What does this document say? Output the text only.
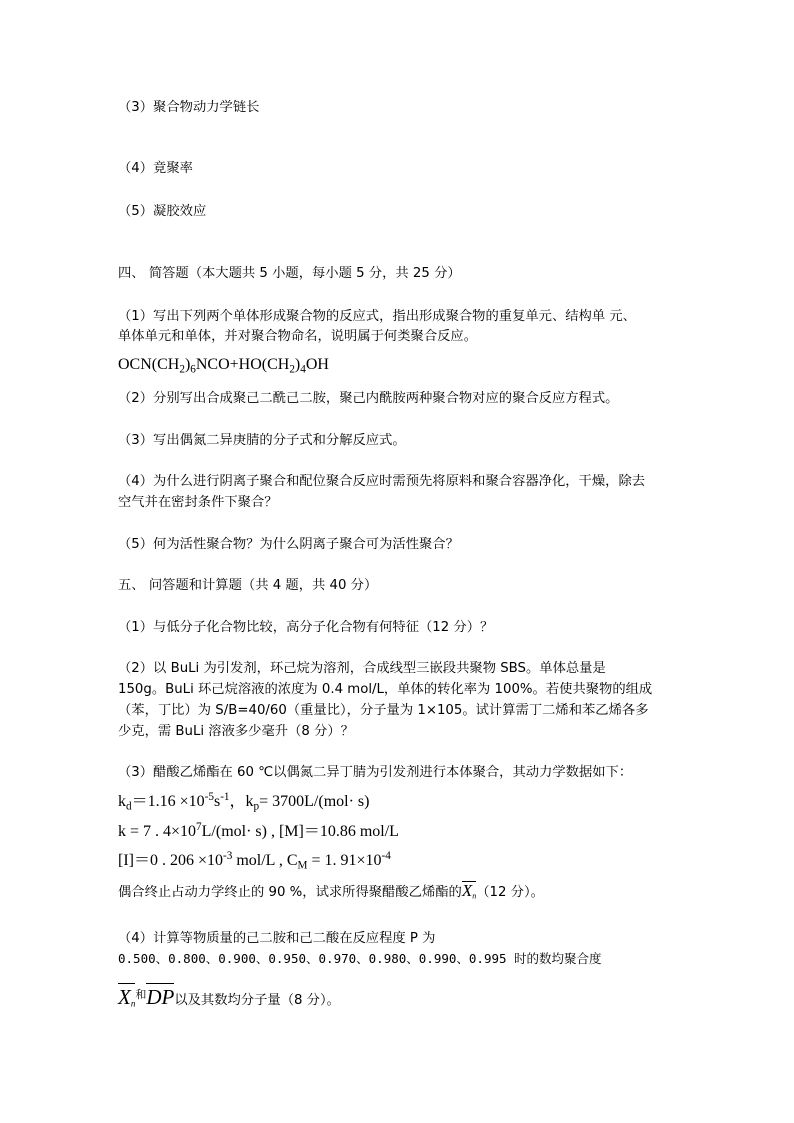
（3）聚合物动力学链长
（4）竟聚率
（5）凝胶效应
四、 简答题（本大题共 5 小题，每小题 5 分，共 25 分）
（1）写出下列两个单体形成聚合物的反应式，指出形成聚合物的重复单元、结构单 元、
单体单元和单体，并对聚合物命名，说明属于何类聚合反应。
$OCN(CH_2)_6NCO+HO(CH_2)_4OH$
（2）分别写出合成聚己二酰己二胺，聚己内酰胺两种聚合物对应的聚合反应方程式。
（3）写出偶氮二异庚腈的分子式和分解反应式。
（4）为什么进行阴离子聚合和配位聚合反应时需预先将原料和聚合容器净化，干燥，除去
空气并在密封条件下聚合？
（5）何为活性聚合物？为什么阴离子聚合可为活性聚合？
五、 问答题和计算题（共 4 题，共 40 分）
（1）与低分子化合物比较，高分子化合物有何特征（12 分）？
（2）以 BuLi 为引发剂，环己烷为溶剂，合成线型三嵌段共聚物 SBS。单体总量是
150g。BuLi 环己烷溶液的浓度为 0.4 mol/L，单体的转化率为 100%。若使共聚物的组成
（苯，丁比）为 S/B=40/60（重量比），分子量为 1×105。试计算需丁二烯和苯乙烯各多
少克，需 BuLi 溶液多少毫升（8 分）？
（3）醋酸乙烯酯在 60 ℃以偶氮二异丁腈为引发剂进行本体聚合，其动力学数据如下：
$k_d=1.16 \times 10^{-5}s^{-1}$，$k_p= 3700L/(mol\cdot s)$
k = 7 . $4\times 10^7L/(mol\cdot s)$ , [M]＝10.86 mol/L
[I]＝0 . $206 \times 10^{-3}$ mol/L , $C_M = 1$. $91\times 10^{-4}$
偶合终止占动力学终止的 90 %，试求所得聚醋酸乙烯酯的$X_n(12$ 分）。
（4）计算等物质量的己二胺和己二酸在反应程度 P 为
0.500、0.800、0.900、0.950、0.970、0.980、0.990、0.995 时的数均聚合度
$X_n^和DP$以及其数均分子量（8 分）。
